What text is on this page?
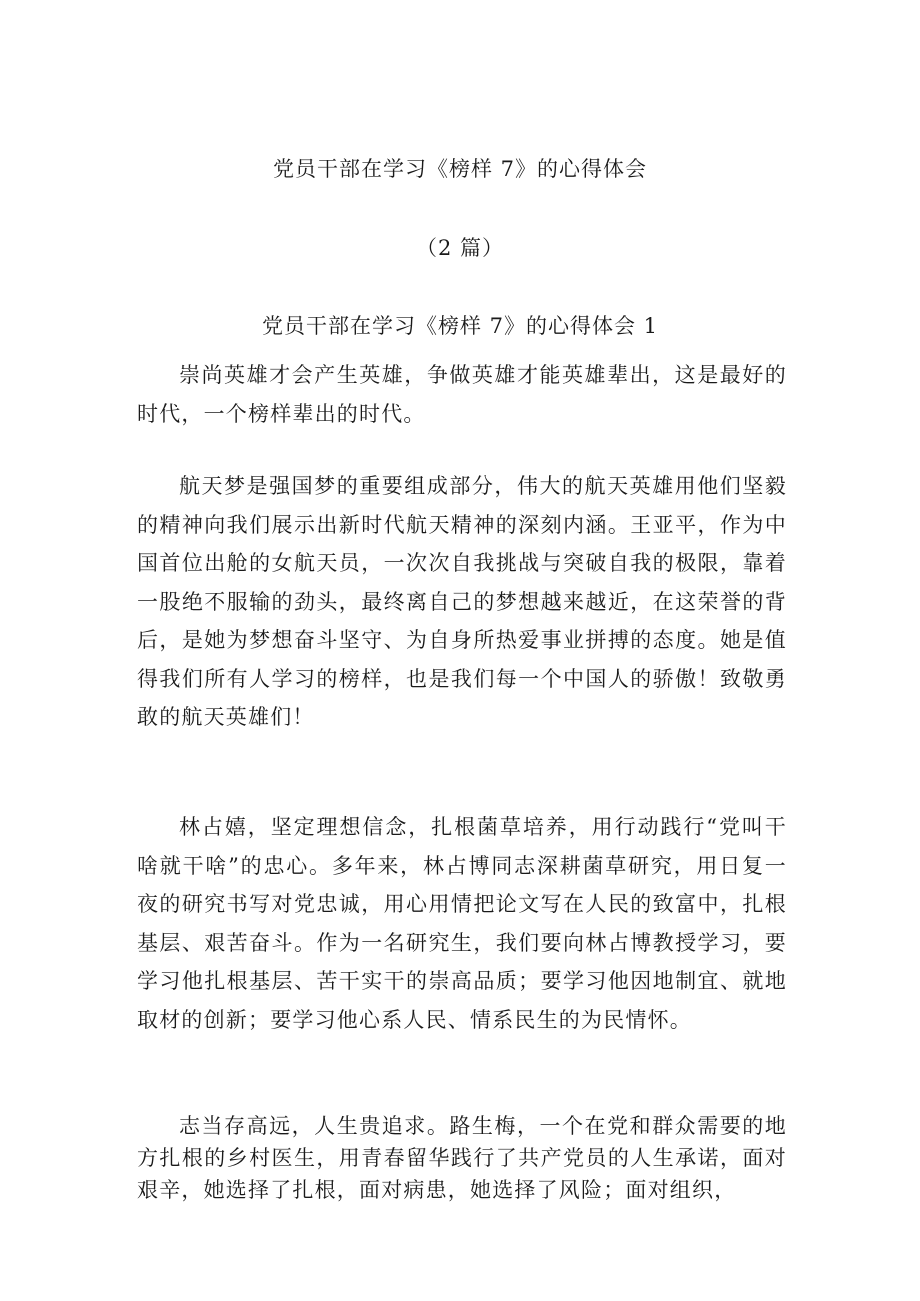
党员干部在学习《榜样 7》的心得体会
（2 篇）
党员干部在学习《榜样 7》的心得体会 1

崇尚英雄才会产生英雄，争做英雄才能英雄辈出，这是最好的时代，一个榜样辈出的时代。

航天梦是强国梦的重要组成部分，伟大的航天英雄用他们坚毅的精神向我们展示出新时代航天精神的深刻内涵。王亚平，作为中国首位出舱的女航天员，一次次自我挑战与突破自我的极限，靠着一股绝不服输的劲头，最终离自己的梦想越来越近，在这荣誉的背后，是她为梦想奋斗坚守、为自身所热爱事业拼搏的态度。她是值得我们所有人学习的榜样，也是我们每一个中国人的骄傲！致敬勇敢的航天英雄们！

林占嬉，坚定理想信念，扎根菌草培养，用行动践行“党叫干啥就干啥”的忠心。多年来，林占博同志深耕菌草研究，用日复一夜的研究书写对党忠诚，用心用情把论文写在人民的致富中，扎根基层、艰苦奋斗。作为一名研究生，我们要向林占博教授学习，要学习他扎根基层、苦干实干的崇高品质；要学习他因地制宜、就地取材的创新；要学习他心系人民、情系民生的为民情怀。

志当存高远，人生贵追求。路生梅，一个在党和群众需要的地方扎根的乡村医生，用青春留华践行了共产党员的人生承诺，面对艰辛，她选择了扎根，面对病患，她选择了风险；面对组织，
